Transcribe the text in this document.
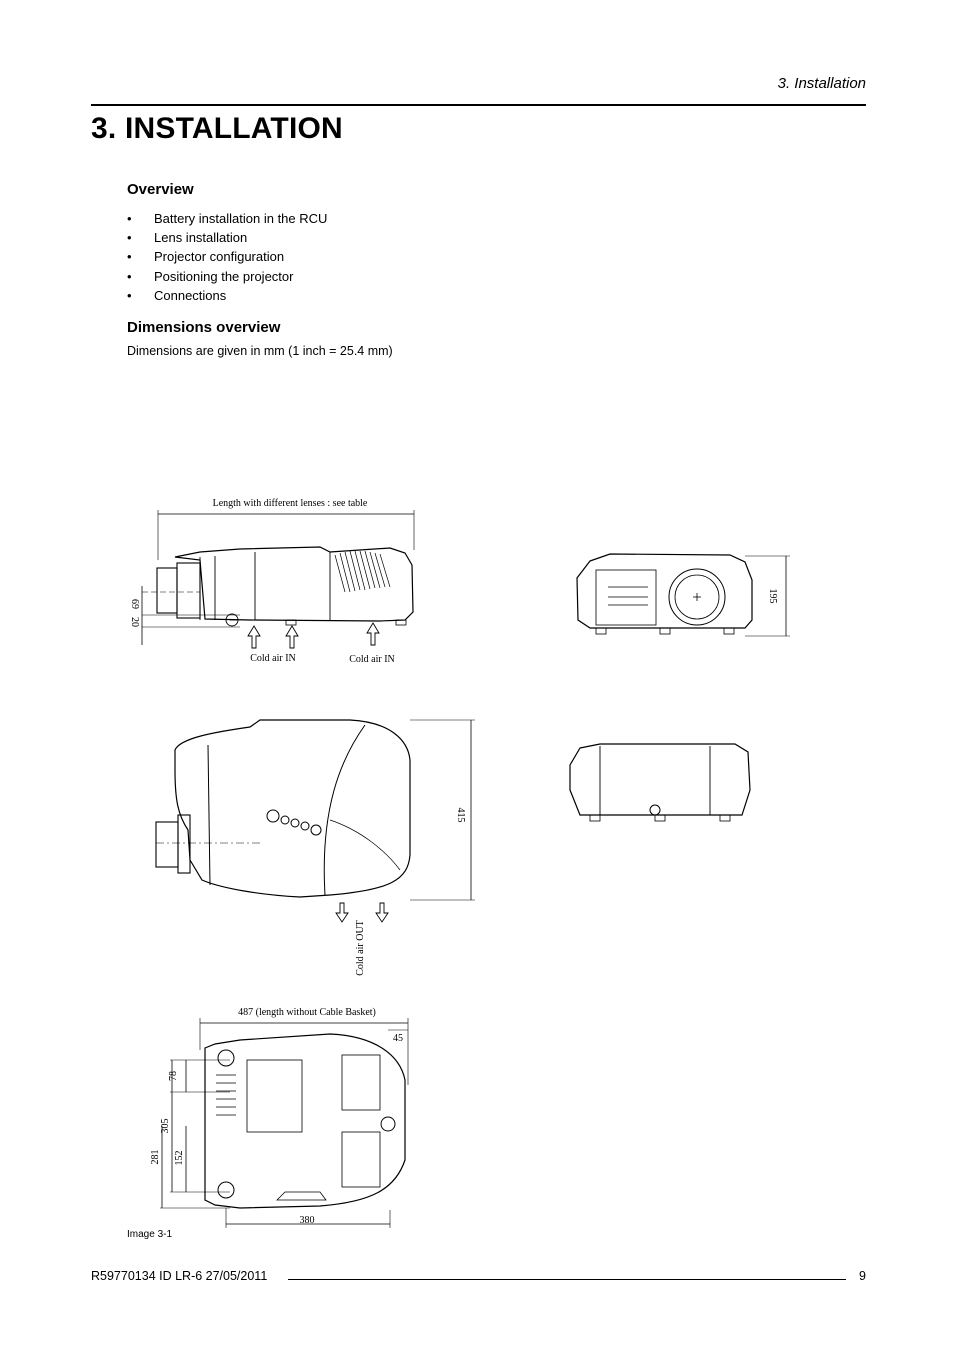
3. Installation
3. INSTALLATION
Overview
• Battery installation in the RCU
• Lens installation
• Projector configuration
• Positioning the projector
• Connections
Dimensions overview
Dimensions are given in mm (1 inch = 25.4 mm)
Length with different lenses : see table
69
20
Cold air IN	Cold air IN
195
415
Cold air OUT
487 (length without Cable Basket)
45
78
305
152
281
380
Image 3-1
R59770134 ID LR-6 27/05/2011	9
